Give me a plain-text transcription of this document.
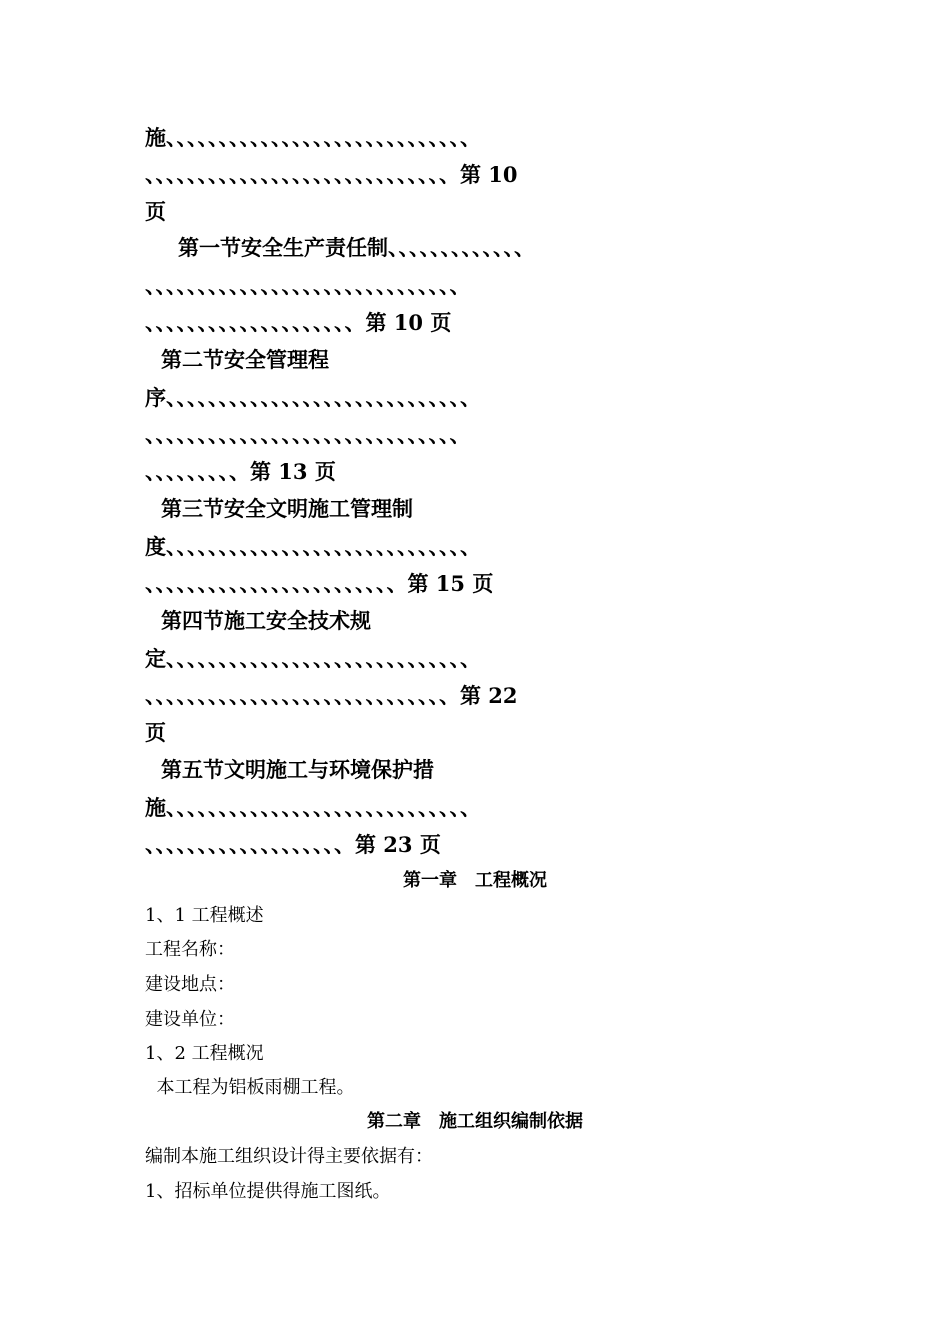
施、、、、、、、、、、、、、、、、、、、、、、、、、、、、、
、、、、、、、、、、、、、、、、、、、、、、、、、、、、、第 10
页
第一节安全生产责任制、、、、、、、、、、、、、
、、、、、、、、、、、、、、、、、、、、、、、、、、、、、、
、、、、、、、、、、、、、、、、、、、、第 10 页
第二节安全管理程
序、、、、、、、、、、、、、、、、、、、、、、、、、、、、、
、、、、、、、、、、、、、、、、、、、、、、、、、、、、、、
、、、、、、、、、第 13 页
第三节安全文明施工管理制
度、、、、、、、、、、、、、、、、、、、、、、、、、、、、、
、、、、、、、、、、、、、、、、、、、、、、、、第 15 页
第四节施工安全技术规
定、、、、、、、、、、、、、、、、、、、、、、、、、、、、、
、、、、、、、、、、、、、、、、、、、、、、、、、、、、、第 22
页
第五节文明施工与环境保护措
施、、、、、、、、、、、、、、、、、、、、、、、、、、、、、
、、、、、、、、、、、、、、、、、、、第 23 页
第一章　工程概况
1、1 工程概述
工程名称：
建设地点：
建设单位：
1、2 工程概况
本工程为铝板雨棚工程。
第二章　施工组织编制依据
编制本施工组织设计得主要依据有：
1、招标单位提供得施工图纸。
